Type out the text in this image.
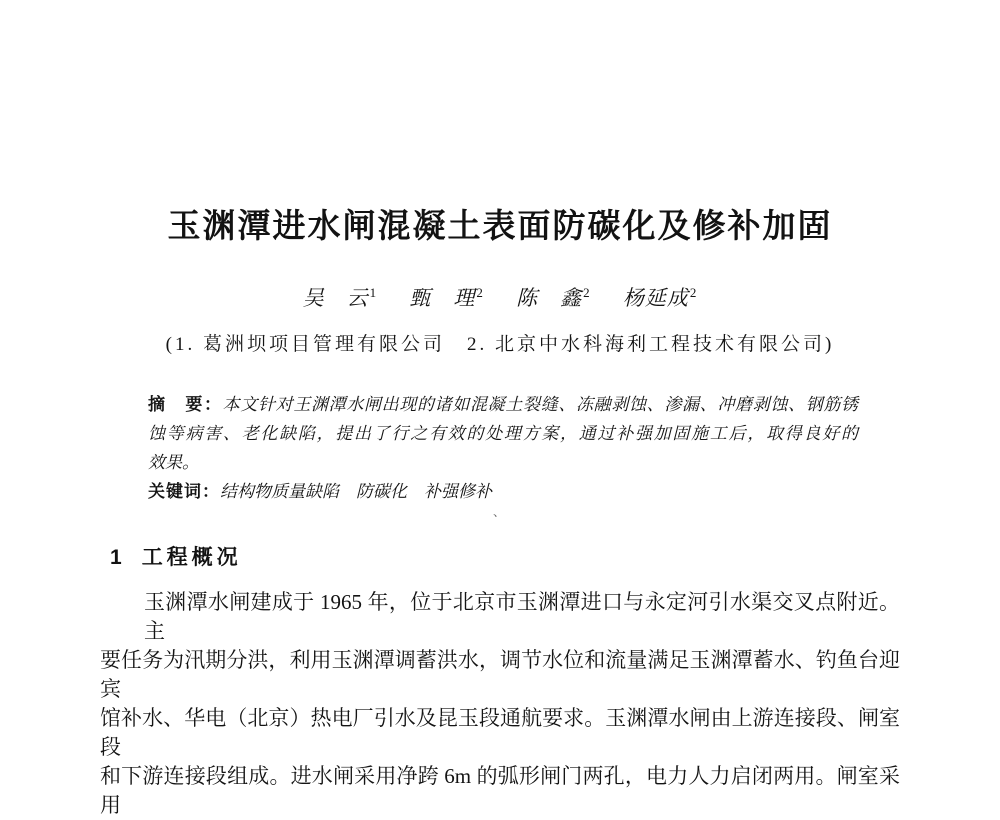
玉渊潭进水闸混凝土表面防碳化及修补加固
吴　云$^1$ 甄　理$^2$ 陈　鑫$^2$ 杨延成$^2$
(1. 葛洲坝项目管理有限公司　2. 北京中水科海利工程技术有限公司)
摘　要：本文针对王渊潭水闸出现的诸如混凝土裂缝、冻融剥蚀、渗漏、冲磨剥蚀、钢筋锈
蚀等病害、老化缺陷，提出了行之有效的处理方案，通过补强加固施工后，取得良好的
效果。
关键词：结构物质量缺陷　防碳化　补强修补
、
1 工程概况
玉渊潭水闸建成于 1965 年，位于北京市玉渊潭进口与永定河引水渠交叉点附近。主
要任务为汛期分洪，利用玉渊潭调蓄洪水，调节水位和流量满足玉渊潭蓄水、钓鱼台迎宾
馆补水、华电（北京）热电厂引水及昆玉段通航要求。玉渊潭水闸由上游连接段、闸室段
和下游连接段组成。进水闸采用净跨 6m 的弧形闸门两孔，电力人力启闭两用。闸室采用
